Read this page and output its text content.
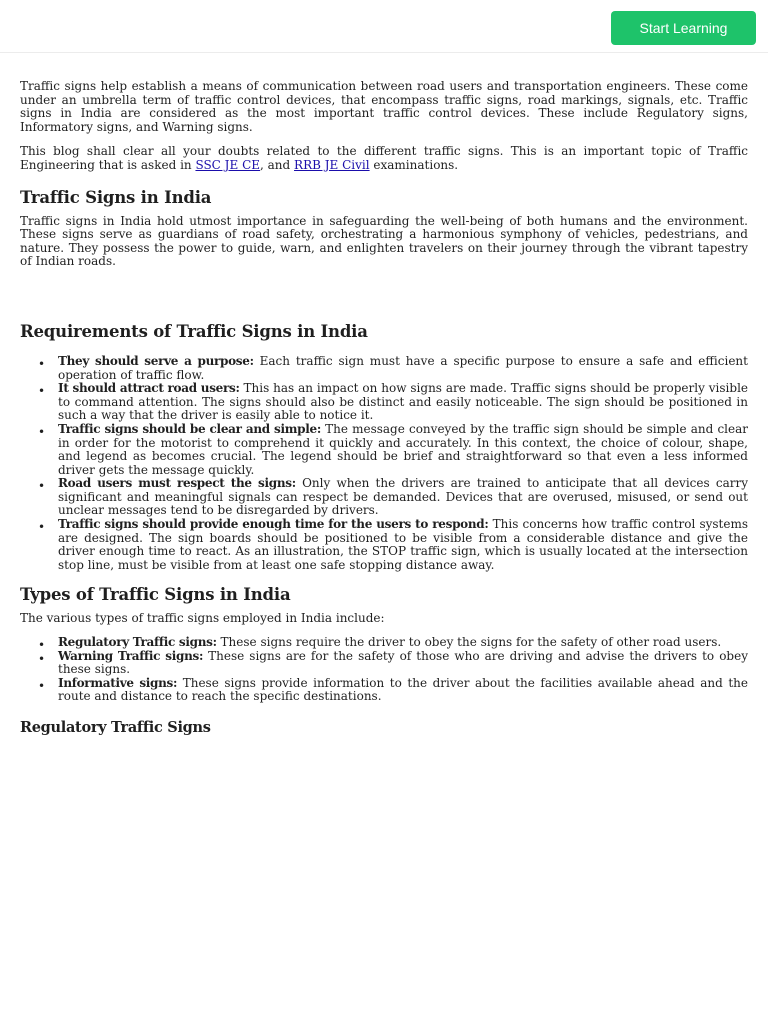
Start Learning

Traffic signs help establish a means of communication between road users and transportation engineers. These come under an umbrella term of traffic control devices, that encompass traffic signs, road markings, signals, etc. Traffic signs in India are considered as the most important traffic control devices. These include Regulatory signs, Informatory signs, and Warning signs.

This blog shall clear all your doubts related to the different traffic signs. This is an important topic of Traffic Engineering that is asked in SSC JE CE, and RRB JE Civil examinations.

Traffic Signs in India

Traffic signs in India hold utmost importance in safeguarding the well-being of both humans and the environment. These signs serve as guardians of road safety, orchestrating a harmonious symphony of vehicles, pedestrians, and nature. They possess the power to guide, warn, and enlighten travelers on their journey through the vibrant tapestry of Indian roads.

Requirements of Traffic Signs in India
• They should serve a purpose: Each traffic sign must have a specific purpose to ensure a safe and efficient operation of traffic flow.
• It should attract road users: This has an impact on how signs are made. Traffic signs should be properly visible to command attention. The signs should also be distinct and easily noticeable. The sign should be positioned in such a way that the driver is easily able to notice it.
• Traffic signs should be clear and simple: The message conveyed by the traffic sign should be simple and clear in order for the motorist to comprehend it quickly and accurately. In this context, the choice of colour, shape, and legend as becomes crucial. The legend should be brief and straightforward so that even a less informed driver gets the message quickly.
• Road users must respect the signs: Only when the drivers are trained to anticipate that all devices carry significant and meaningful signals can respect be demanded. Devices that are overused, misused, or send out unclear messages tend to be disregarded by drivers.
• Traffic signs should provide enough time for the users to respond: This concerns how traffic control systems are designed. The sign boards should be positioned to be visible from a considerable distance and give the driver enough time to react. As an illustration, the STOP traffic sign, which is usually located at the intersection stop line, must be visible from at least one safe stopping distance away.
Types of Traffic Signs in India

The various types of traffic signs employed in India include:

• Regulatory Traffic signs: These signs require the driver to obey the signs for the safety of other road users.
• Warning Traffic signs: These signs are for the safety of those who are driving and advise the drivers to obey these signs.
• Informative signs: These signs provide information to the driver about the facilities available ahead and the route and distance to reach the specific destinations.
Regulatory Traffic Signs
